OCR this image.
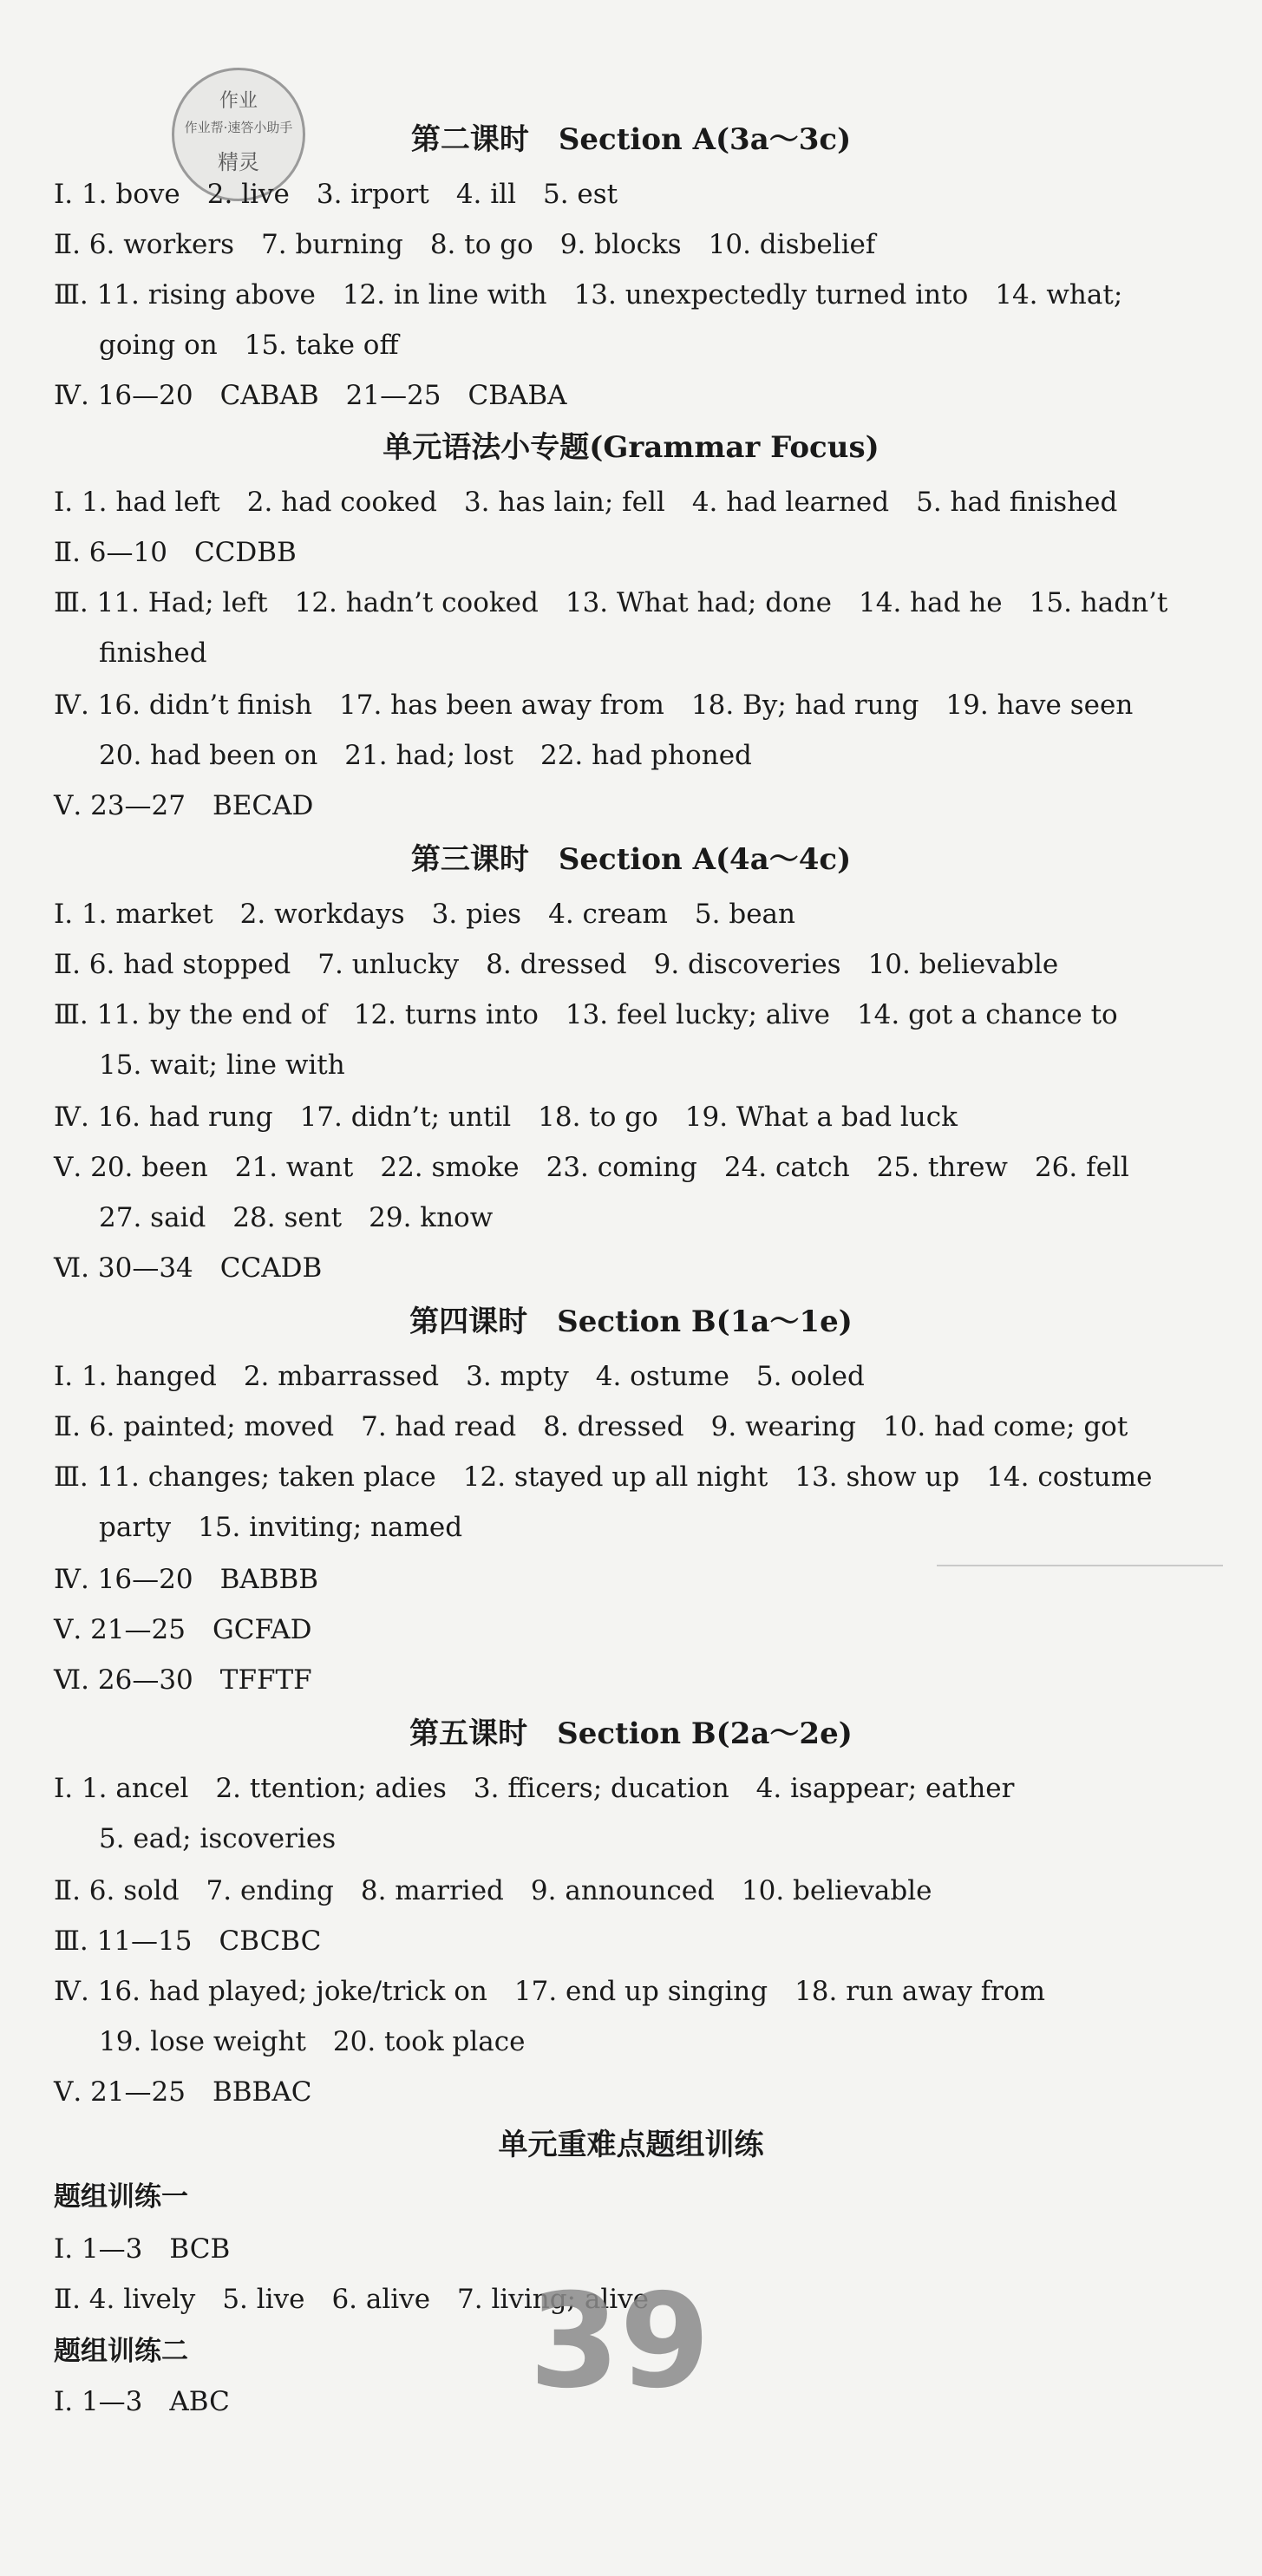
作业
作业帮·速答小助手
精灵
第二课时　Section A(3a～3c)
Ⅰ. 1. bove　2. live　3. irport　4. ill　5. est
Ⅱ. 6. workers　7. burning　8. to go　9. blocks　10. disbelief
Ⅲ. 11. rising above　12. in line with　13. unexpectedly turned into　14. what;
going on　15. take off
Ⅳ. 16—20　CABAB　21—25　CBABA
单元语法小专题(Grammar Focus)
Ⅰ. 1. had left　2. had cooked　3. has lain; fell　4. had learned　5. had finished
Ⅱ. 6—10　CCDBB
Ⅲ. 11. Had; left　12. hadn’t cooked　13. What had; done　14. had he　15. hadn’t
finished
Ⅳ. 16. didn’t finish　17. has been away from　18. By; had rung　19. have seen
20. had been on　21. had; lost　22. had phoned
Ⅴ. 23—27　BECAD
第三课时　Section A(4a～4c)
Ⅰ. 1. market　2. workdays　3. pies　4. cream　5. bean
Ⅱ. 6. had stopped　7. unlucky　8. dressed　9. discoveries　10. believable
Ⅲ. 11. by the end of　12. turns into　13. feel lucky; alive　14. got a chance to
15. wait; line with
Ⅳ. 16. had rung　17. didn’t; until　18. to go　19. What a bad luck
Ⅴ. 20. been　21. want　22. smoke　23. coming　24. catch　25. threw　26. fell
27. said　28. sent　29. know
Ⅵ. 30—34　CCADB
第四课时　Section B(1a～1e)
Ⅰ. 1. hanged　2. mbarrassed　3. mpty　4. ostume　5. ooled
Ⅱ. 6. painted; moved　7. had read　8. dressed　9. wearing　10. had come; got
Ⅲ. 11. changes; taken place　12. stayed up all night　13. show up　14. costume
party　15. inviting; named
Ⅳ. 16—20　BABBB
Ⅴ. 21—25　GCFAD
Ⅵ. 26—30　TFFTF
第五课时　Section B(2a～2e)
Ⅰ. 1. ancel　2. ttention; adies　3. fficers; ducation　4. isappear; eather
5. ead; iscoveries
Ⅱ. 6. sold　7. ending　8. married　9. announced　10. believable
Ⅲ. 11—15　CBCBC
Ⅳ. 16. had played; joke/trick on　17. end up singing　18. run away from
19. lose weight　20. took place
Ⅴ. 21—25　BBBAC
单元重难点题组训练
题组训练一
Ⅰ. 1—3　BCB
Ⅱ. 4. lively　5. live　6. alive　7. living; alive
题组训练二
Ⅰ. 1—3　ABC	39
